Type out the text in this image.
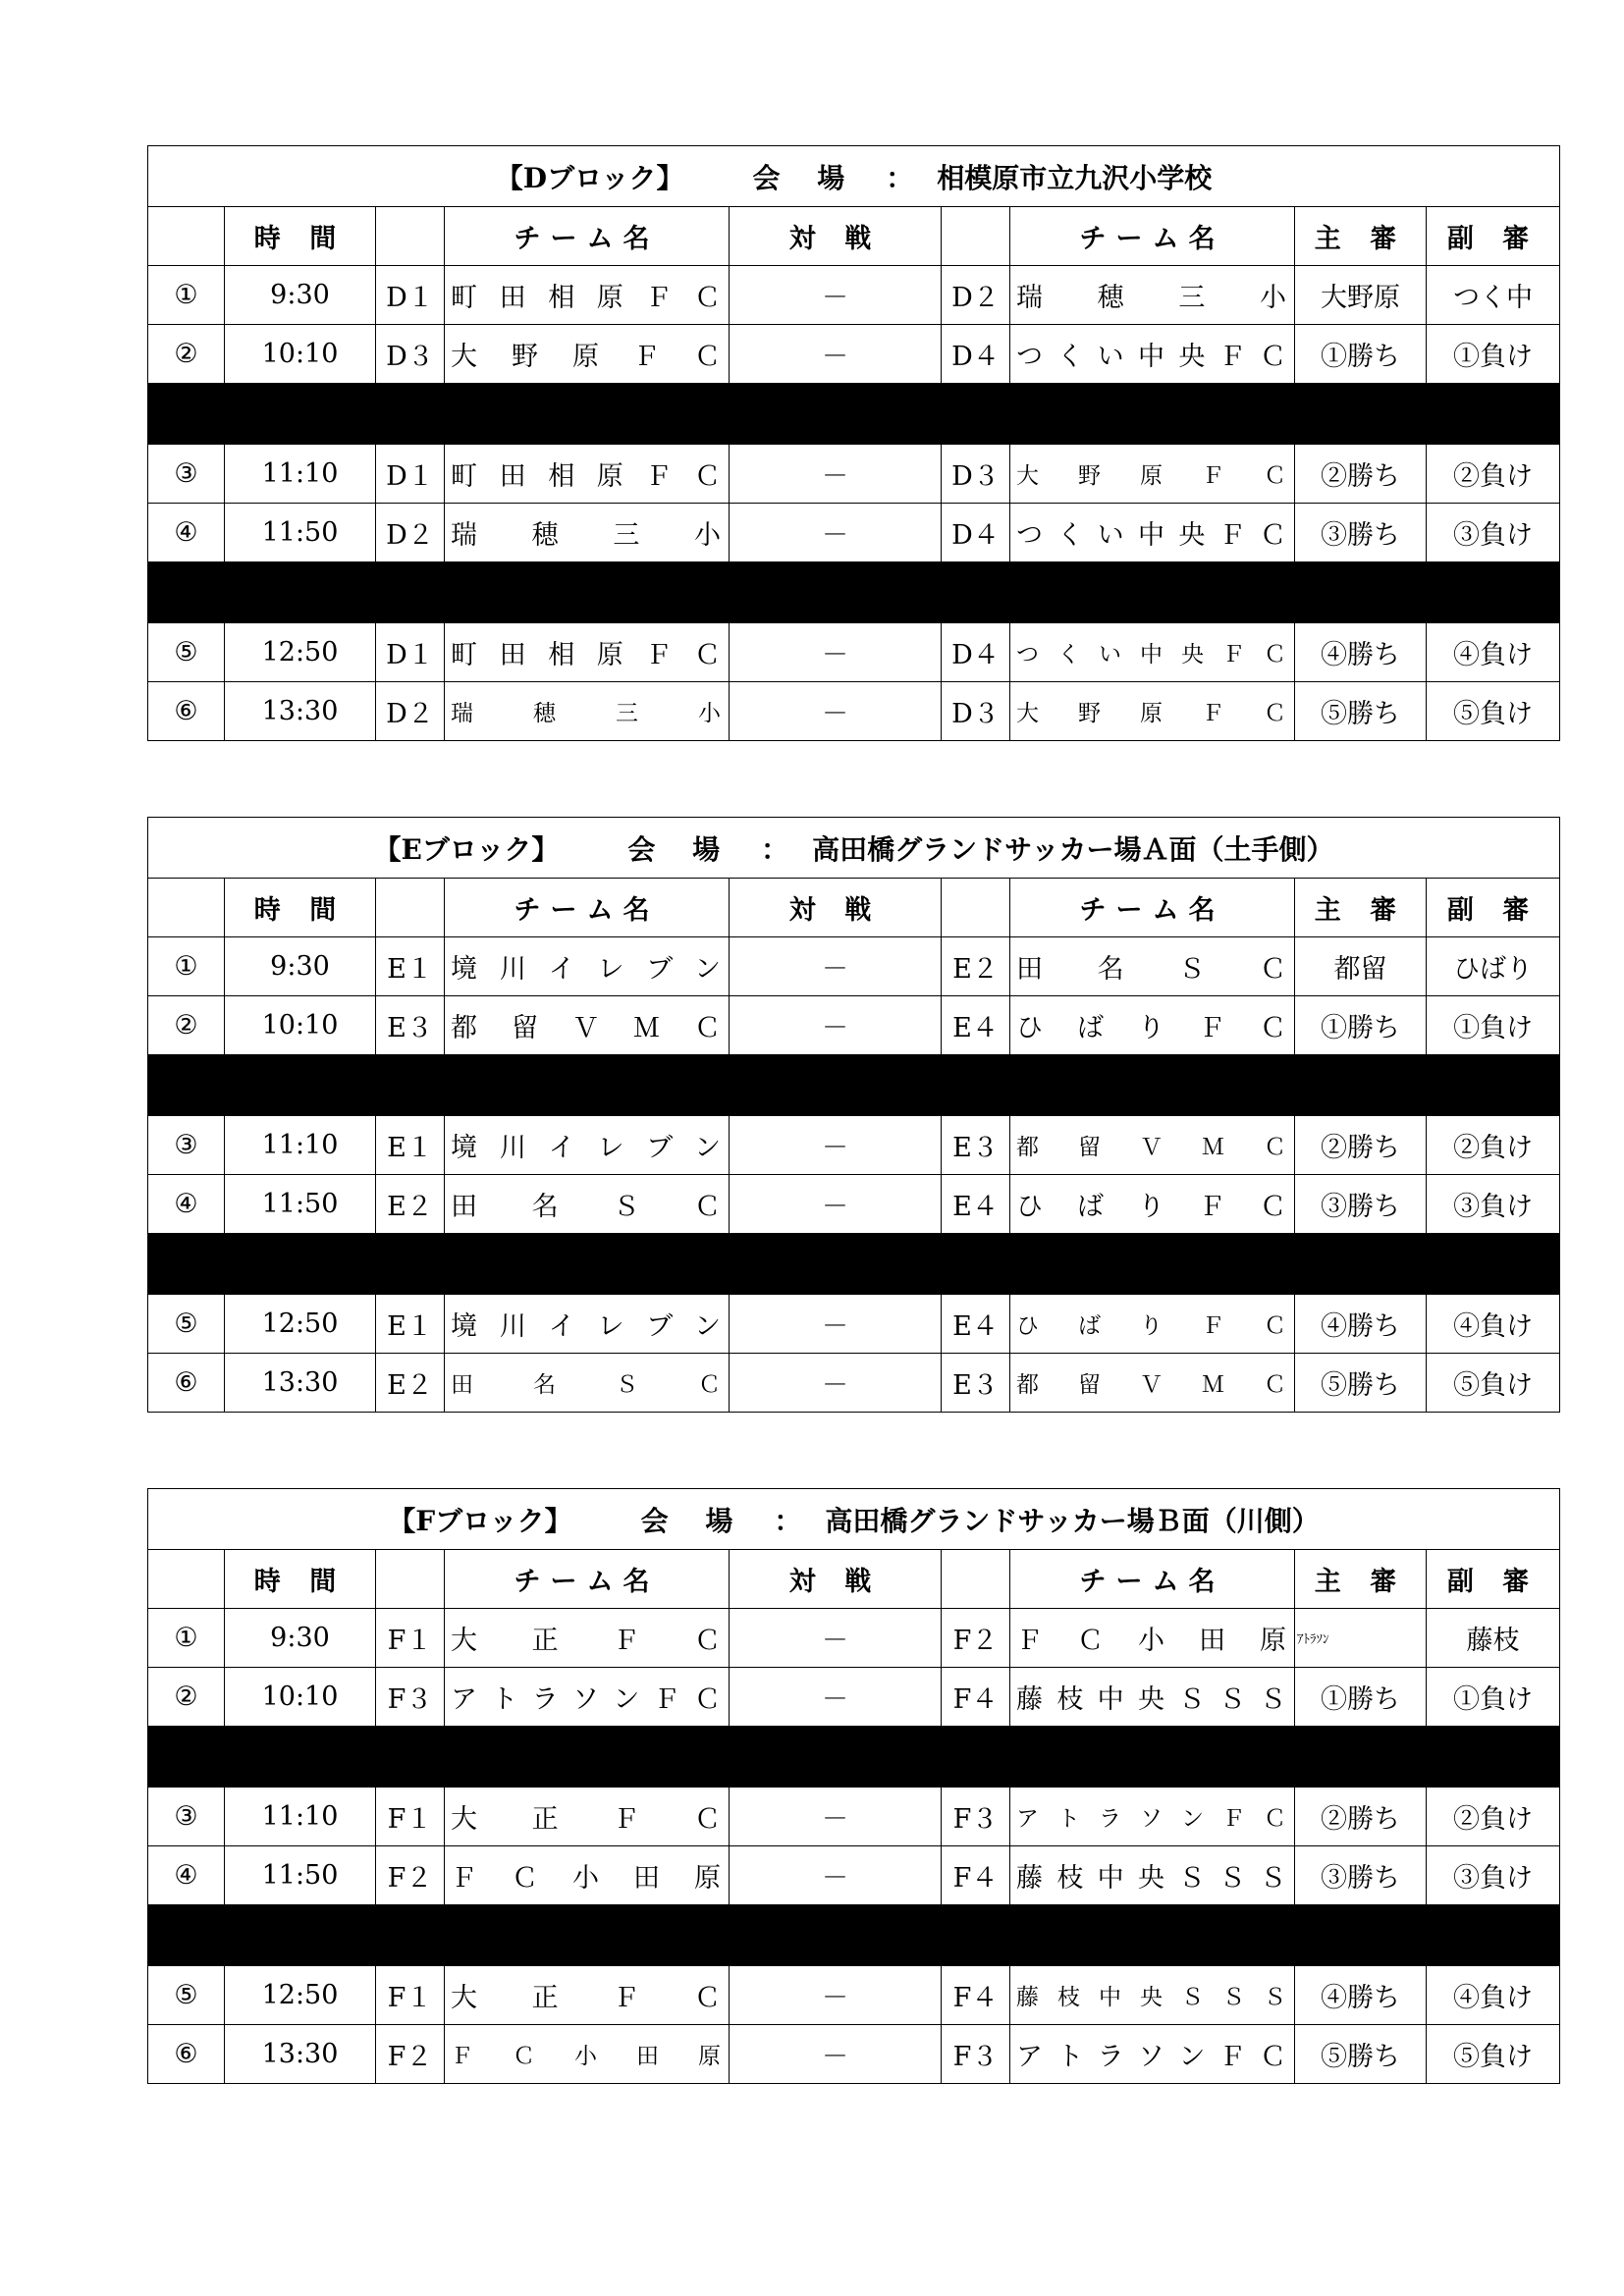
【Dブロック】 会 場 ： 相模原市立九沢小学校								
	時 間		チーム名	対 戦		チーム名	主 審	副 審
①	9:30	D１	町田相原ＦＣ	－	D２	瑞穂三小	大野原	つく中
②	10:10	D３	大野原ＦＣ	－	D４	つくい中央ＦＣ	①勝ち	①負け

③	11:10	D１	町田相原ＦＣ	－	D３	大野原ＦＣ	②勝ち	②負け
④	11:50	D２	瑞穂三小	－	D４	つくい中央ＦＣ	③勝ち	③負け

⑤	12:50	D１	町田相原ＦＣ	－	D４	つくい中央ＦＣ	④勝ち	④負け
⑥	13:30	D２	瑞穂三小	－	D３	大野原ＦＣ	⑤勝ち	⑤負け
【Eブロック】 会 場 ： 高田橋グランドサッカー場Ａ面（土手側）								
	時 間		チーム名	対 戦		チーム名	主 審	副 審
①	9:30	E１	境川イレブン	－	E２	田名ＳＣ	都留	ひばり
②	10:10	E３	都留ＶＭＣ	－	E４	ひばりＦＣ	①勝ち	①負け

③	11:10	E１	境川イレブン	－	E３	都留ＶＭＣ	②勝ち	②負け
④	11:50	E２	田名ＳＣ	－	E４	ひばりＦＣ	③勝ち	③負け

⑤	12:50	E１	境川イレブン	－	E４	ひばりＦＣ	④勝ち	④負け
⑥	13:30	E２	田名ＳＣ	－	E３	都留ＶＭＣ	⑤勝ち	⑤負け
【Fブロック】 会 場 ： 高田橋グランドサッカー場Ｂ面（川側）								
	時 間		チーム名	対 戦		チーム名	主 審	副 審
①	9:30	F１	大正ＦＣ	－	F２	ＦＣ小田原	ｱﾄﾗｿﾝ	藤枝
②	10:10	F３	アトラソンＦＣ	－	F４	藤枝中央ＳＳＳ	①勝ち	①負け

③	11:10	F１	大正ＦＣ	－	F３	アトラソンＦＣ	②勝ち	②負け
④	11:50	F２	ＦＣ小田原	－	F４	藤枝中央ＳＳＳ	③勝ち	③負け

⑤	12:50	F１	大正ＦＣ	－	F４	藤枝中央ＳＳＳ	④勝ち	④負け
⑥	13:30	F２	ＦＣ小田原	－	F３	アトラソンＦＣ	⑤勝ち	⑤負け
